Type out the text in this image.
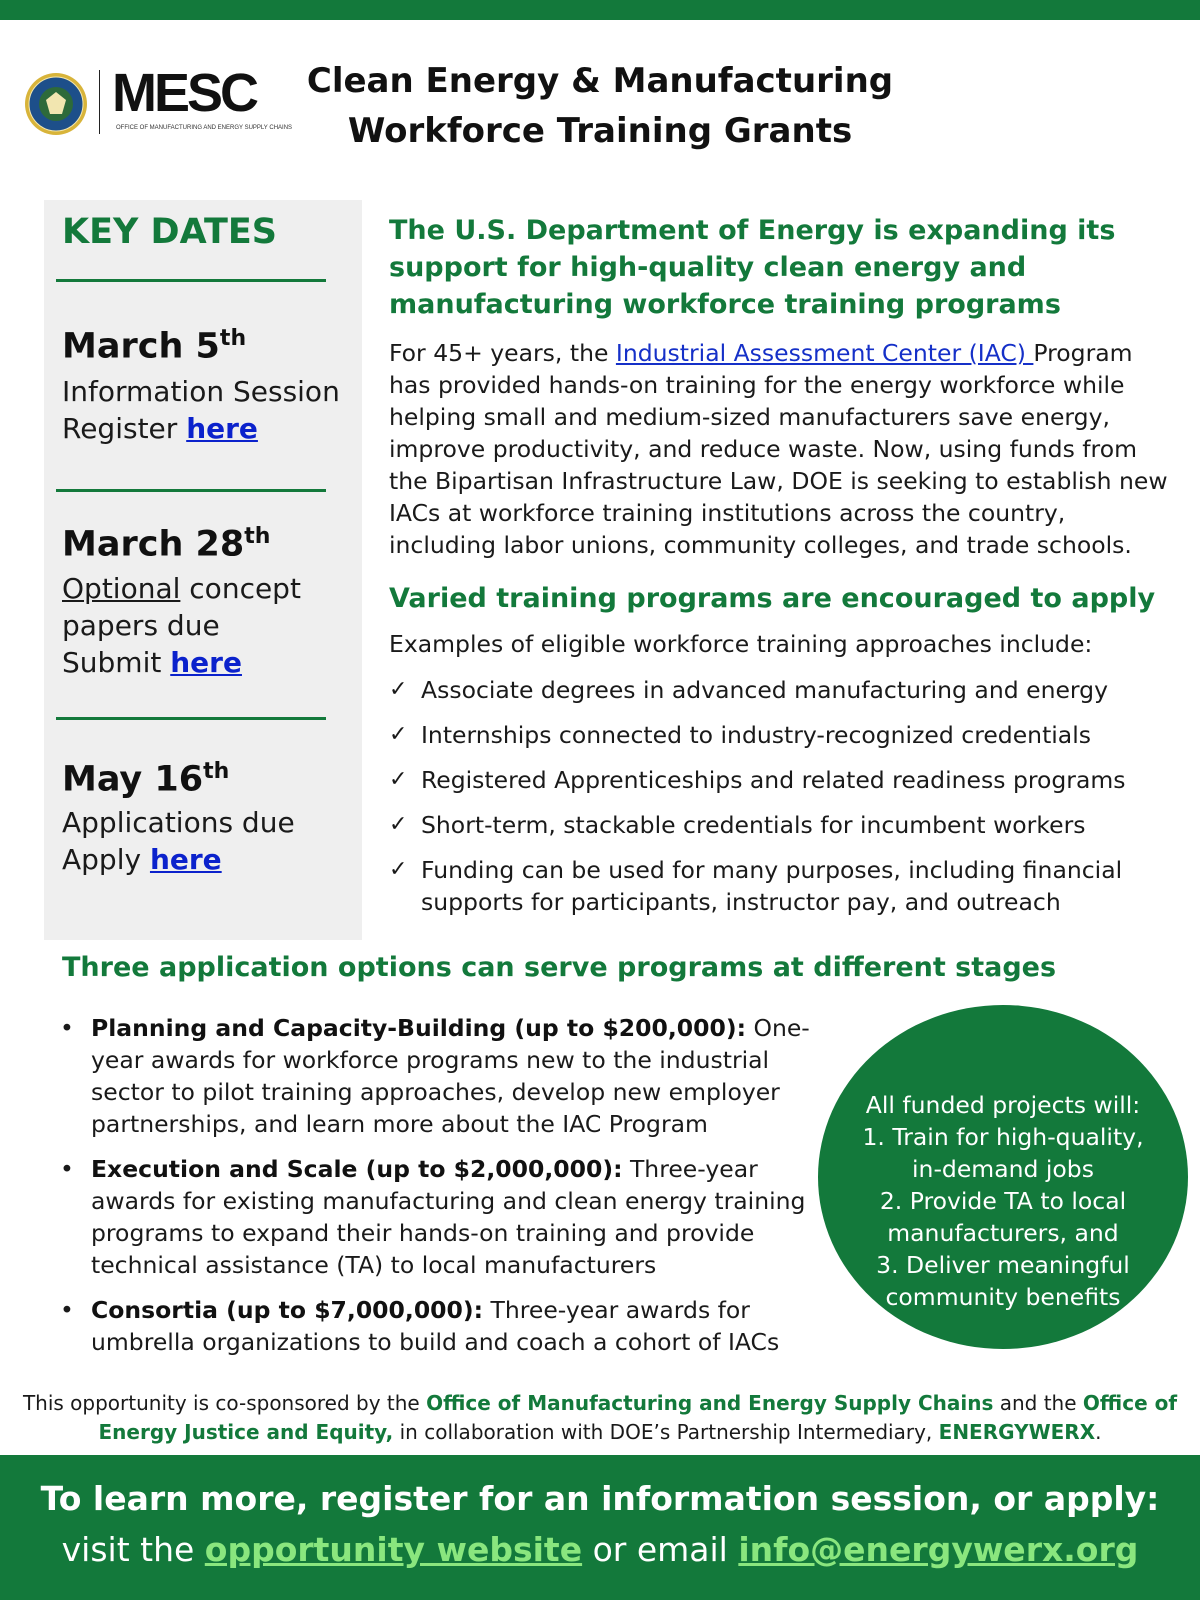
MESC
OFFICE OF MANUFACTURING AND ENERGY SUPPLY CHAINS
Clean Energy & Manufacturing
Workforce Training Grants
KEY DATES
March 5th
Information Session
Register here
March 28th
Optional concept
papers due
Submit here
May 16th
Applications due
Apply here
The U.S. Department of Energy is expanding its
support for high-quality clean energy and
manufacturing workforce training programs
For 45+ years, the Industrial Assessment Center (IAC) Program has provided hands-on training for the energy workforce while helping small and medium-sized manufacturers save energy, improve productivity, and reduce waste. Now, using funds from the Bipartisan Infrastructure Law, DOE is seeking to establish new IACs at workforce training institutions across the country, including labor unions, community colleges, and trade schools.
Varied training programs are encouraged to apply
Examples of eligible workforce training approaches include:
✓ Associate degrees in advanced manufacturing and energy
✓ Internships connected to industry-recognized credentials
✓ Registered Apprenticeships and related readiness programs
✓ Short-term, stackable credentials for incumbent workers
✓ Funding can be used for many purposes, including financial supports for participants, instructor pay, and outreach
Three application options can serve programs at different stages
• Planning and Capacity-Building (up to $200,000): One-year awards for workforce programs new to the industrial sector to pilot training approaches, develop new employer partnerships, and learn more about the IAC Program
• Execution and Scale (up to $2,000,000): Three-year awards for existing manufacturing and clean energy training programs to expand their hands-on training and provide technical assistance (TA) to local manufacturers
• Consortia (up to $7,000,000): Three-year awards for umbrella organizations to build and coach a cohort of IACs
All funded projects will:
1. Train for high-quality,
in-demand jobs
2. Provide TA to local
manufacturers, and
3. Deliver meaningful
community benefits
This opportunity is co-sponsored by the Office of Manufacturing and Energy Supply Chains and the Office of Energy Justice and Equity, in collaboration with DOE’s Partnership Intermediary, ENERGYWERX.
To learn more, register for an information session, or apply:
visit the opportunity website or email info@energywerx.org
